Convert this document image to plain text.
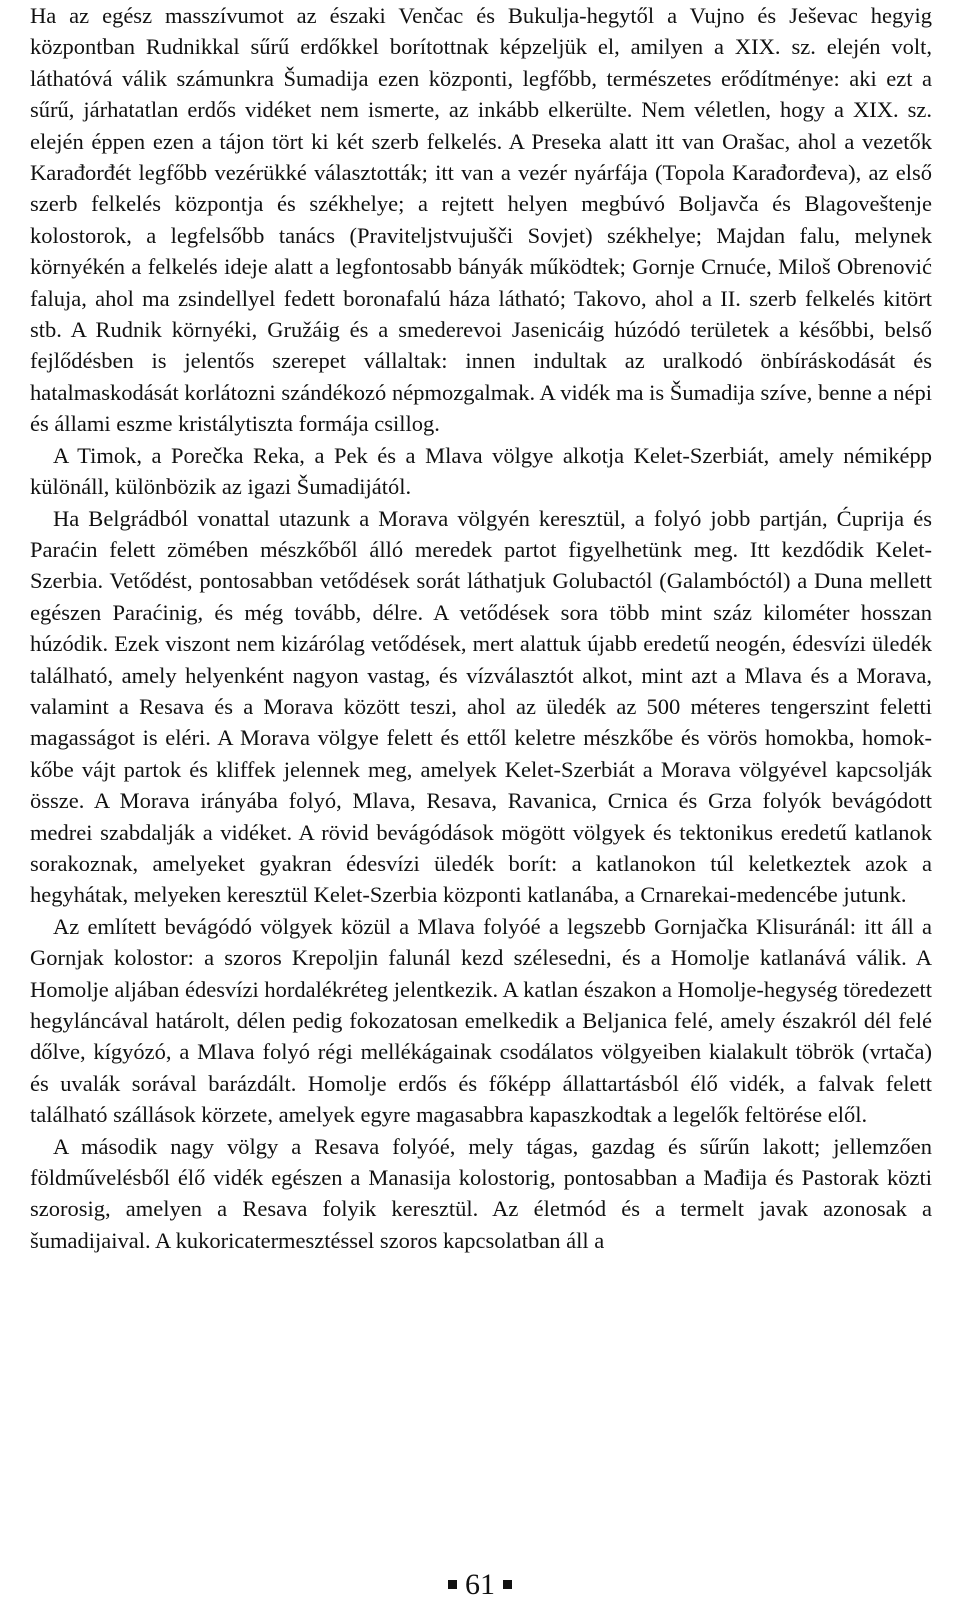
Ha az egész masszívumot az északi Venčac és Bukulja-hegytől a Vujno és Ješevac hegyig központban Rudnikkal sűrű erdőkkel borítottnak képzeljük el, amilyen a XIX. sz. elején volt, láthatóvá válik számunkra Šumadija ezen központi, legfőbb, természetes erődítménye: aki ezt a sűrű, járhatatlan erdős vidéket nem ismerte, az inkább elkerülte. Nem véletlen, hogy a XIX. sz. elején éppen ezen a tájon tört ki két szerb felkelés. A Preseka alatt itt van Orašac, ahol a vezetők Karađorđét legfőbb vezérükké választották; itt van a vezér nyárfája (Topola Karađorđeva), az első szerb felkelés központja és székhelye; a rejtett helyen megbúvó Boljavča és Blagoveštenje kolostorok, a legfelsőbb tanács (Praviteljstvujušči Sovjet) székhelye; Majdan falu, melynek környékén a felkelés ideje alatt a legfontosabb bányák működtek; Gornje Crnuće, Miloš Obrenović faluja, ahol ma zsindellyel fedett boronafalú háza látható; Takovo, ahol a II. szerb felkelés kitört stb. A Rudnik környéki, Gružáig és a smederevoi Jasenicáig húzódó területek a későbbi, belső fejlődésben is jelentős szerepet vállaltak: innen indultak az uralkodó önbíráskodását és hatalmaskodását korlátozni szándékozó népmozgalmak. A vidék ma is Šumadija szíve, benne a népi és állami eszme kristálytiszta formája csillog.

A Timok, a Porečka Reka, a Pek és a Mlava völgye alkotja Kelet-Szerbiát, amely némiképp különáll, különbözik az igazi Šumadijától.

Ha Belgrádból vonattal utazunk a Morava völgyén keresztül, a folyó jobb partján, Ćuprija és Paraćin felett zömében mészkőből álló meredek partot figyelhetünk meg. Itt kezdődik Kelet-Szerbia. Vetődést, pontosabban vetődések sorát láthatjuk Golubactól (Galambóctól) a Duna mellett egészen Paraćinig, és még tovább, délre. A vetődések sora több mint száz kilométer hosszan húzódik. Ezek viszont nem kizárólag vetődések, mert alattuk újabb eredetű neogén, édesvízi üledék található, amely helyenként nagyon vastag, és vízválasztót alkot, mint azt a Mlava és a Morava, valamint a Resava és a Morava között teszi, ahol az üledék az 500 méteres tengerszint feletti magasságot is eléri. A Morava völgye felett és ettől keletre mészkőbe és vörös homokba, homokkőbe vájt partok és kliffek jelennek meg, amelyek Kelet-Szerbiát a Morava völgyével kapcsolják össze. A Morava irányába folyó, Mlava, Resava, Ravanica, Crnica és Grza folyók bevágódott medrei szabdalják a vidéket. A rövid bevágódások mögött völgyek és tektonikus eredetű katlanok sorakoznak, amelyeket gyakran édesvízi üledék borít: a katlanokon túl keletkeztek azok a hegyhátak, melyeken keresztül Kelet-Szerbia központi katlanába, a Crnarekai-medencébe jutunk.

Az említett bevágódó völgyek közül a Mlava folyóé a legszebb Gornjačka Klisuránál: itt áll a Gornjak kolostor: a szoros Krepoljin falunál kezd szélesedni, és a Homolje katlanává válik. A Homolje aljában édesvízi hordalékréteg jelentkezik. A katlan északon a Homolje-hegység töredezett hegyláncával határolt, délen pedig fokozatosan emelkedik a Beljanica felé, amely északról dél felé dőlve, kígyózó, a Mlava folyó régi mellékágainak csodálatos völgyeiben kialakult töbrök (vrtača) és uvalák sorával barázdált. Homolje erdős és főképp állattartásból élő vidék, a falvak felett található szállások körzete, amelyek egyre magasabbra kapaszkodtak a legelők feltörése elől.

A második nagy völgy a Resava folyóé, mely tágas, gazdag és sűrűn lakott; jellemzően földművelésből élő vidék egészen a Manasija kolostorig, pontosabban a Mađija és Pastorak közti szorosig, amelyen a Resava folyik keresztül. Az életmód és a termelt javak azonosak a šumadijaival. A kukoricatermesztéssel szoros kapcsolatban áll a

61
